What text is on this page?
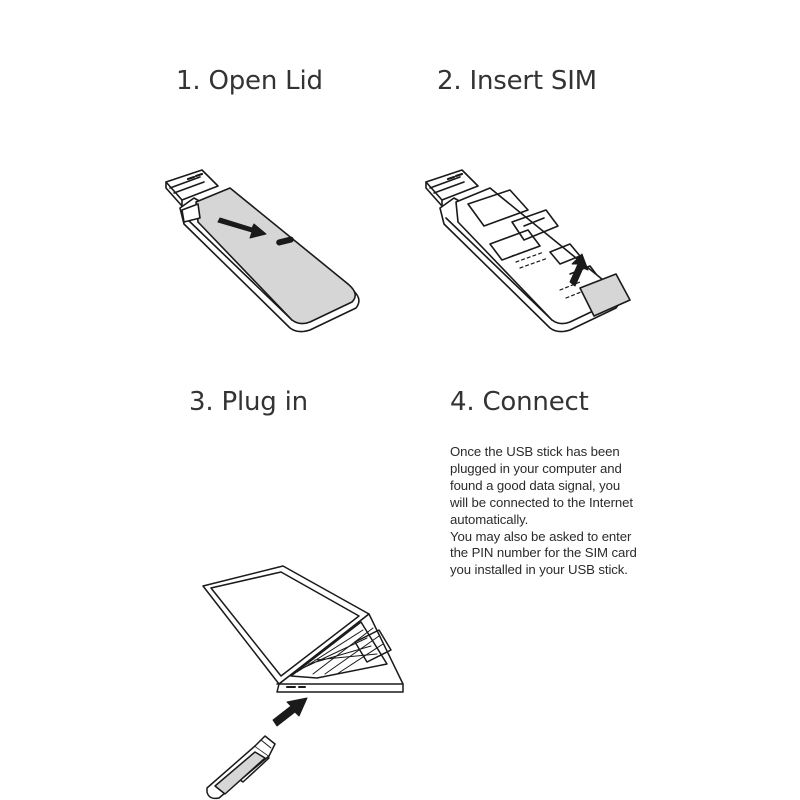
1. Open Lid	2. Insert SIM
3. Plug in	4. Connect

Once the USB stick has been

plugged in your computer and

found a good data signal, you

will be connected to the Internet

automatically.

You may also be asked to enter

the PIN number for the SIM card

you installed in your USB stick.
